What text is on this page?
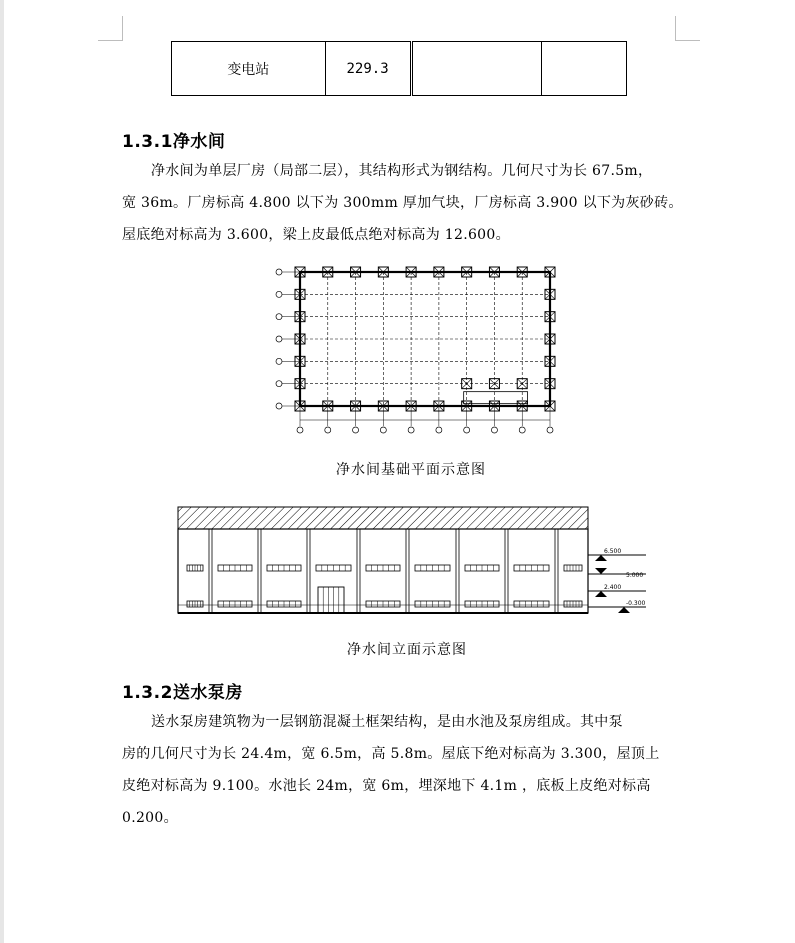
变电站	229.3		
1.3.1净水间
净水间为单层厂房（局部二层），其结构形式为钢结构。几何尺寸为长 67.5m，
宽 36m。厂房标高 4.800 以下为 300mm 厚加气块，厂房标高 3.900 以下为灰砂砖。
屋底绝对标高为 3.600，梁上皮最低点绝对标高为 12.600。
净水间基础平面示意图
6.500
5.000
2.400
-0.300
净水间立面示意图
1.3.2送水泵房
送水泵房建筑物为一层钢筋混凝土框架结构，是由水池及泵房组成。其中泵
房的几何尺寸为长 24.4m，宽 6.5m，高 5.8m。屋底下绝对标高为 3.300，屋顶上
皮绝对标高为 9.100。水池长 24m，宽 6m，埋深地下 4.1m ，底板上皮绝对标高
0.200。
